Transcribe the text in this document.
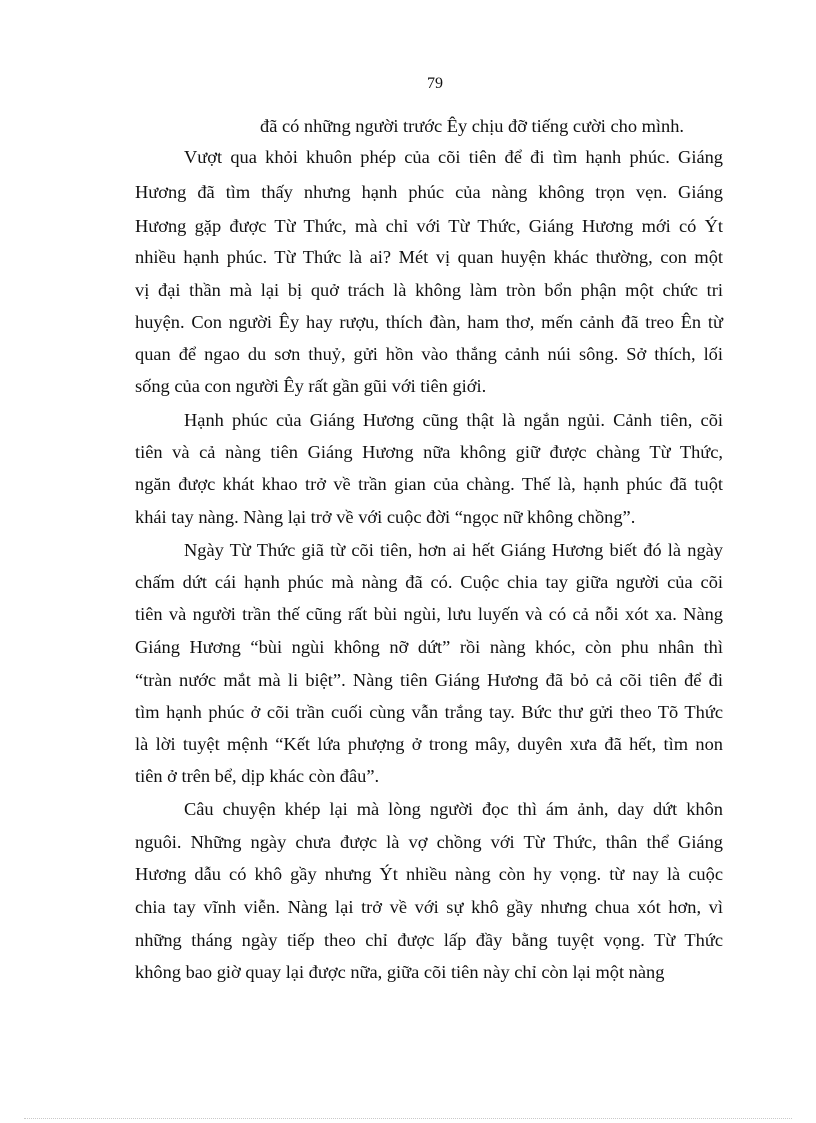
79
đã có những người trước Êy chịu đỡ tiếng cười cho mình.
Vượt qua khỏi khuôn phép của cõi tiên để đi tìm hạnh phúc. Giáng
Hương đã tìm thấy nhưng hạnh phúc của nàng không trọn vẹn. Giáng
Hương gặp được Từ Thức, mà chỉ với Từ Thức, Giáng Hương mới có Ýt
nhiều hạnh phúc. Từ Thức là ai? Mét vị quan huyện khác thường, con một
vị đại thần mà lại bị quở trách là không làm tròn bổn phận một chức tri
huyện. Con người Êy hay rượu, thích đàn, ham thơ, mến cảnh đã treo Ên từ
quan để ngao du sơn thuỷ, gửi hồn vào thắng cảnh núi sông. Sở thích, lối
sống của con người Êy rất gần gũi với tiên giới.
Hạnh phúc của Giáng Hương cũng thật là ngắn ngủi. Cảnh tiên, cõi
tiên và cả nàng tiên Giáng Hương nữa không giữ được chàng Từ Thức,
ngăn được khát khao trở về trần gian của chàng. Thế là, hạnh phúc đã tuột
khái tay nàng. Nàng lại trở về với cuộc đời “ngọc nữ không chồng”.
Ngày Từ Thức giã từ cõi tiên, hơn ai hết Giáng Hương biết đó là ngày
chấm dứt cái hạnh phúc mà nàng đã có. Cuộc chia tay giữa người của cõi
tiên và người trần thế cũng rất bùi ngùi, lưu luyến và có cả nỗi xót xa. Nàng
Giáng Hương “bùi ngùi không nỡ dứt” rồi nàng khóc, còn phu nhân thì
“tràn nước mắt mà li biệt”. Nàng tiên Giáng Hương đã bỏ cả cõi tiên để đi
tìm hạnh phúc ở cõi trần cuối cùng vẫn trắng tay. Bức thư gửi theo Tõ Thức
là lời tuyệt mệnh “Kết lứa phượng ở trong mây, duyên xưa đã hết, tìm non
tiên ở trên bể, dịp khác còn đâu”.
Câu chuyện khép lại mà lòng người đọc thì ám ảnh, day dứt khôn
nguôi. Những ngày chưa được là vợ chồng với Từ Thức, thân thể Giáng
Hương dẫu có khô gầy nhưng Ýt nhiều nàng còn hy vọng. từ nay là cuộc
chia tay vĩnh viễn. Nàng lại trở về với sự khô gầy nhưng chua xót hơn, vì
những tháng ngày tiếp theo chỉ được lấp đầy bằng tuyệt vọng. Từ Thức
không bao giờ quay lại được nữa, giữa cõi tiên này chỉ còn lại một nàng
